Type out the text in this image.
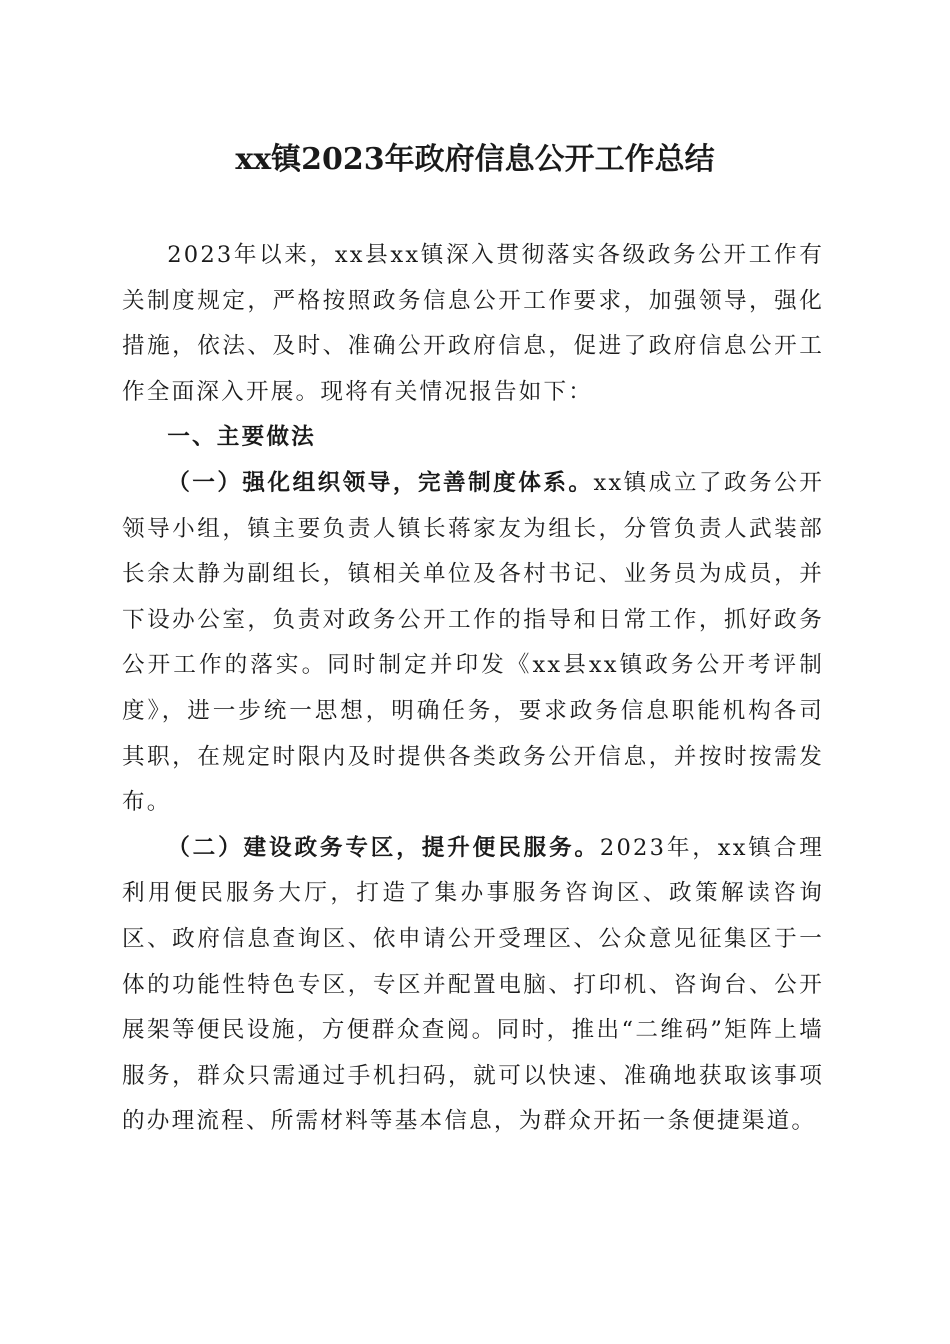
xx镇2023年政府信息公开工作总结

2023年以来，xx县xx镇深入贯彻落实各级政务公开工作有关制度规定，严格按照政务信息公开工作要求，加强领导，强化措施，依法、及时、准确公开政府信息，促进了政府信息公开工作全面深入开展。现将有关情况报告如下：

一、主要做法

（一）强化组织领导，完善制度体系。xx镇成立了政务公开领导小组，镇主要负责人镇长蒋家友为组长，分管负责人武装部长余太静为副组长，镇相关单位及各村书记、业务员为成员，并下设办公室，负责对政务公开工作的指导和日常工作，抓好政务公开工作的落实。同时制定并印发《xx县xx镇政务公开考评制度》，进一步统一思想，明确任务，要求政务信息职能机构各司其职，在规定时限内及时提供各类政务公开信息，并按时按需发布。

（二）建设政务专区，提升便民服务。2023年，xx镇合理利用便民服务大厅，打造了集办事服务咨询区、政策解读咨询区、政府信息查询区、依申请公开受理区、公众意见征集区于一体的功能性特色专区，专区并配置电脑、打印机、咨询台、公开展架等便民设施，方便群众查阅。同时，推出“二维码”矩阵上墙服务，群众只需通过手机扫码，就可以快速、准确地获取该事项的办理流程、所需材料等基本信息，为群众开拓一条便捷渠道。
